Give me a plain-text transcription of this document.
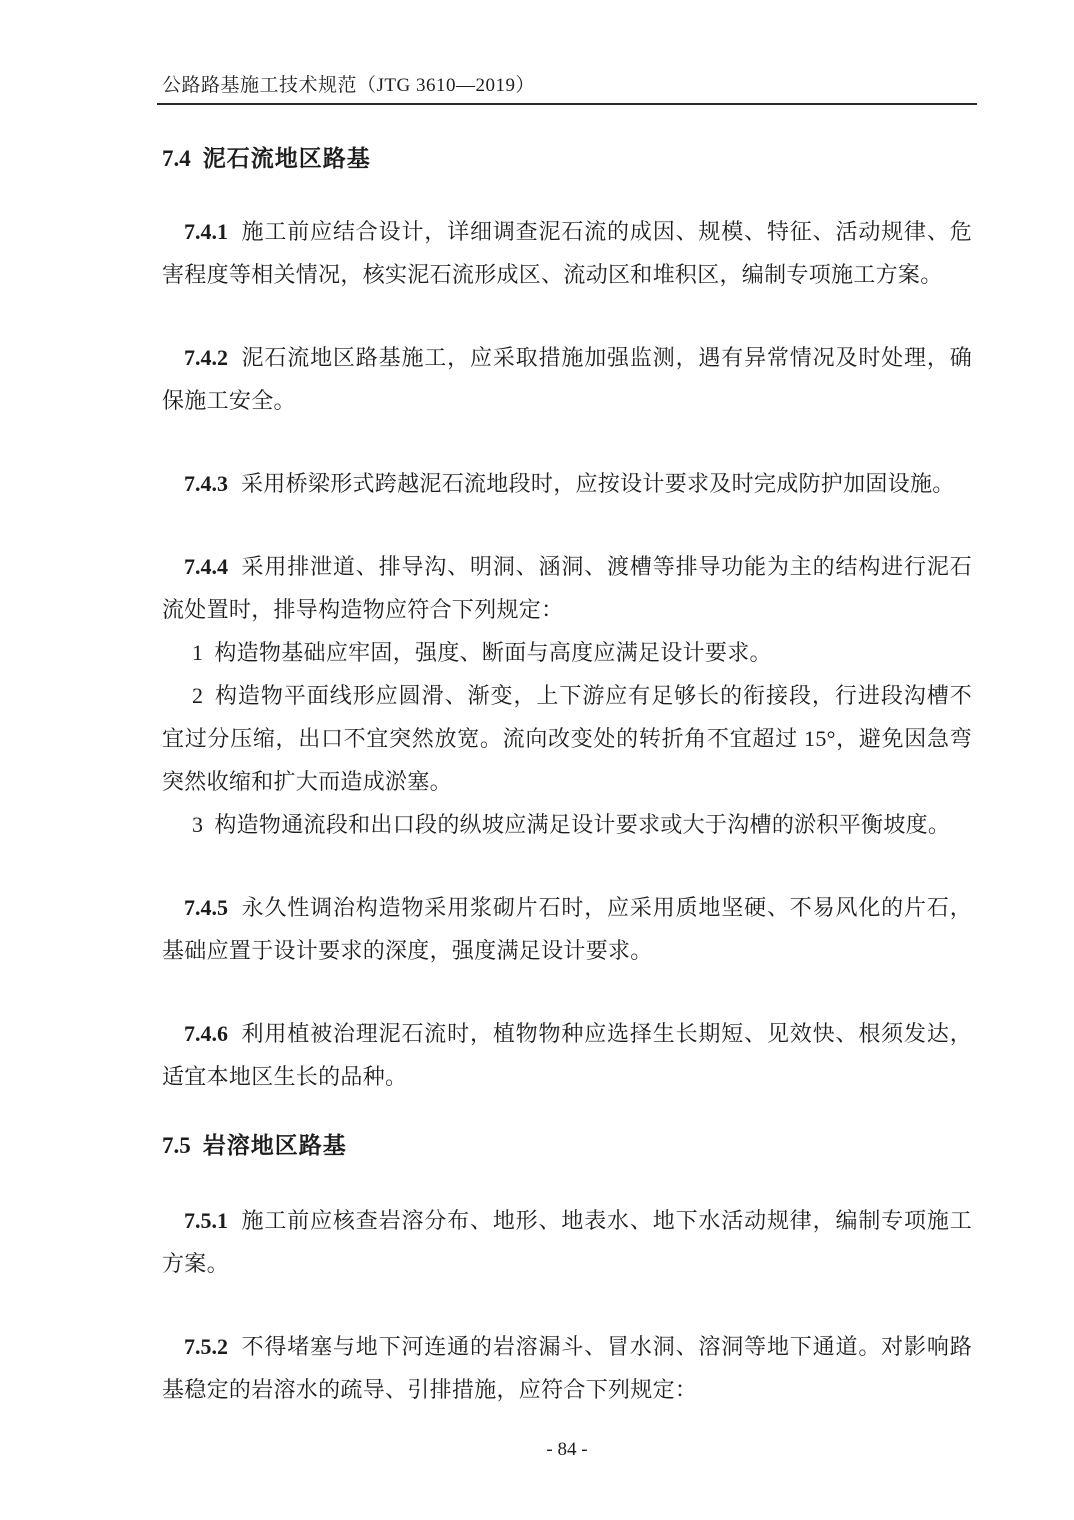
公路路基施工技术规范（JTG 3610—2019）
7.4 泥石流地区路基

7.4.1 施工前应结合设计，详细调查泥石流的成因、规模、特征、活动规律、危害程度等相关情况，核实泥石流形成区、流动区和堆积区，编制专项施工方案。

7.4.2 泥石流地区路基施工，应采取措施加强监测，遇有异常情况及时处理，确保施工安全。

7.4.3 采用桥梁形式跨越泥石流地段时，应按设计要求及时完成防护加固设施。

7.4.4 采用排泄道、排导沟、明洞、涵洞、渡槽等排导功能为主的结构进行泥石流处置时，排导构造物应符合下列规定：

1 构造物基础应牢固，强度、断面与高度应满足设计要求。

2 构造物平面线形应圆滑、渐变，上下游应有足够长的衔接段，行进段沟槽不宜过分压缩，出口不宜突然放宽。流向改变处的转折角不宜超过 15°，避免因急弯突然收缩和扩大而造成淤塞。

3 构造物通流段和出口段的纵坡应满足设计要求或大于沟槽的淤积平衡坡度。

7.4.5 永久性调治构造物采用浆砌片石时，应采用质地坚硬、不易风化的片石，基础应置于设计要求的深度，强度满足设计要求。

7.4.6 利用植被治理泥石流时，植物物种应选择生长期短、见效快、根须发达，适宜本地区生长的品种。

7.5 岩溶地区路基

7.5.1 施工前应核查岩溶分布、地形、地表水、地下水活动规律，编制专项施工方案。

7.5.2 不得堵塞与地下河连通的岩溶漏斗、冒水洞、溶洞等地下通道。对影响路基稳定的岩溶水的疏导、引排措施，应符合下列规定：

- 84 -
